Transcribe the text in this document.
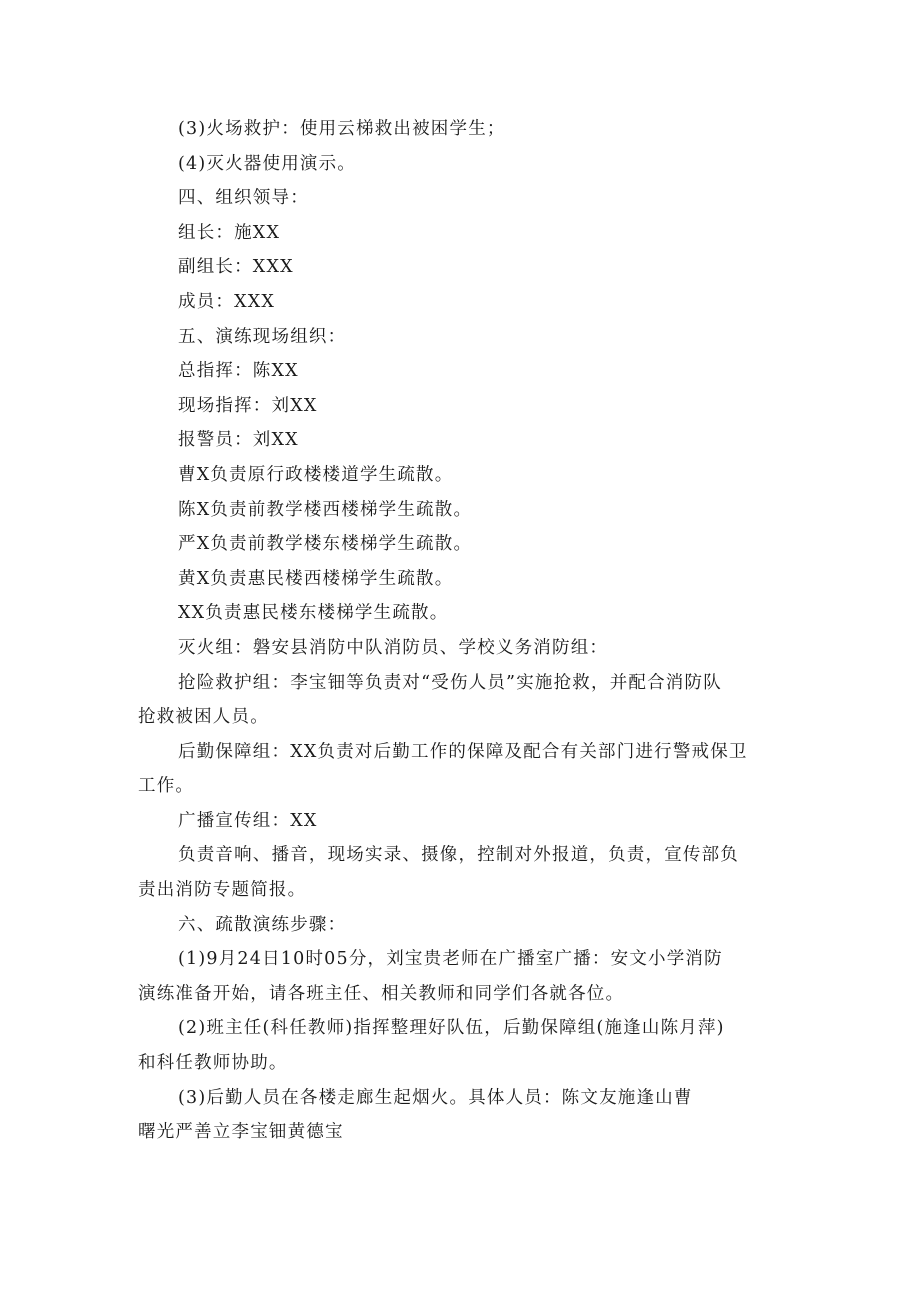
(3)火场救护：使用云梯救出被困学生；
(4)灭火器使用演示。
四、组织领导：
组长：施XX
副组长：XXX
成员：XXX
五、演练现场组织：
总指挥：陈XX
现场指挥：刘XX
报警员：刘XX
曹X负责原行政楼楼道学生疏散。
陈X负责前教学楼西楼梯学生疏散。
严X负责前教学楼东楼梯学生疏散。
黄X负责惠民楼西楼梯学生疏散。
XX负责惠民楼东楼梯学生疏散。
灭火组：磐安县消防中队消防员、学校义务消防组：
抢险救护组：李宝钿等负责对“受伤人员”实施抢救，并配合消防队
抢救被困人员。
后勤保障组：XX负责对后勤工作的保障及配合有关部门进行警戒保卫
工作。
广播宣传组：XX
负责音响、播音，现场实录、摄像，控制对外报道，负责，宣传部负
责出消防专题简报。
六、疏散演练步骤：
(1)9月24日10时05分，刘宝贵老师在广播室广播：安文小学消防
演练准备开始，请各班主任、相关教师和同学们各就各位。
(2)班主任(科任教师)指挥整理好队伍，后勤保障组(施逢山陈月萍)
和科任教师协助。
(3)后勤人员在各楼走廊生起烟火。具体人员：陈文友施逢山曹
曙光严善立李宝钿黄德宝
